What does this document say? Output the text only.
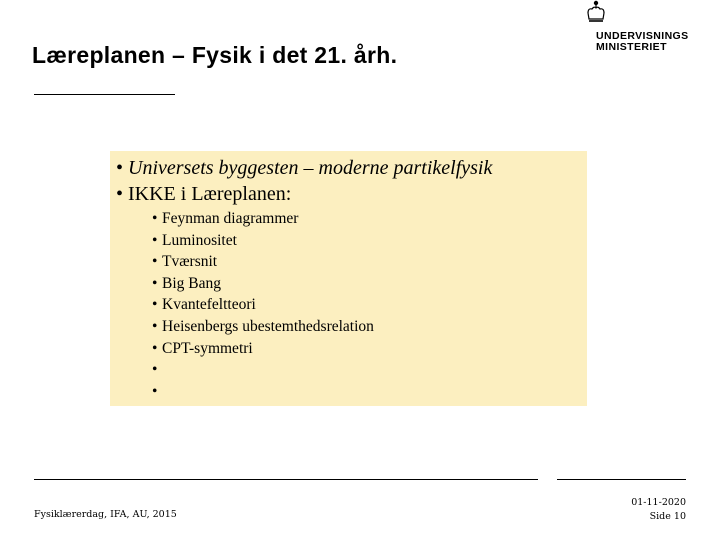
Læreplanen – Fysik i det 21. årh.
UNDERVISNINGS
MINISTERIET
• Universets byggesten – moderne partikelfysik
• IKKE i Læreplanen:
• Feynman diagrammer
• Luminositet
• Tværsnit
• Big Bang
• Kvantefeltteori
• Heisenbergs ubestemthedsrelation
• CPT-symmetri
•
•
Fysiklærerdag, IFA, AU, 2015
01-11-2020
Side 10
